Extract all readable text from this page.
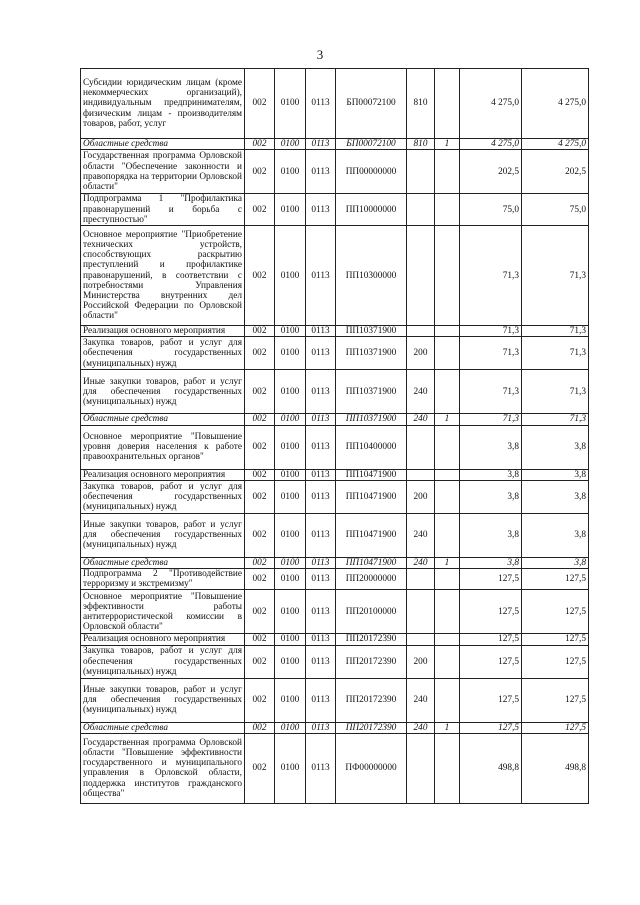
3
Субсидии юридическим лицам (кроме некоммерческих организаций), индивидуальным предпринимателям, физическим лицам - производителям товаров, работ, услуг	002	0100	0113	БП00072100	810		4 275,0	4 275,0
Областные средства	002	0100	0113	БП00072100	810	1	4 275,0	4 275,0
Государственная программа Орловской области "Обеспечение законности и правопорядка на территории Орловской области"	002	0100	0113	ПП00000000			202,5	202,5
Подпрограмма 1 "Профилактика правонарушений и борьба с преступностью"	002	0100	0113	ПП10000000			75,0	75,0
Основное мероприятие "Приобретение технических устройств, способствующих раскрытию преступлений и профилактике правонарушений, в соответствии с потребностями Управления Министерства внутренних дел Российской Федерации по Орловской области"	002	0100	0113	ПП10300000			71,3	71,3
Реализация основного мероприятия	002	0100	0113	ПП10371900			71,3	71,3
Закупка товаров, работ и услуг для обеспечения государственных (муниципальных) нужд	002	0100	0113	ПП10371900	200		71,3	71,3
Иные закупки товаров, работ и услуг для обеспечения государственных (муниципальных) нужд	002	0100	0113	ПП10371900	240		71,3	71,3
Областные средства	002	0100	0113	ПП10371900	240	1	71,3	71,3
Основное мероприятие "Повышение уровня доверия населения к работе правоохранительных органов"	002	0100	0113	ПП10400000			3,8	3,8
Реализация основного мероприятия	002	0100	0113	ПП10471900			3,8	3,8
Закупка товаров, работ и услуг для обеспечения государственных (муниципальных) нужд	002	0100	0113	ПП10471900	200		3,8	3,8
Иные закупки товаров, работ и услуг для обеспечения государственных (муниципальных) нужд	002	0100	0113	ПП10471900	240		3,8	3,8
Областные средства	002	0100	0113	ПП10471900	240	1	3,8	3,8
Подпрограмма 2 "Противодействие терроризму и экстремизму"	002	0100	0113	ПП20000000			127,5	127,5
Основное мероприятие "Повышение эффективности работы антитеррористической комиссии в Орловской области"	002	0100	0113	ПП20100000			127,5	127,5
Реализация основного мероприятия	002	0100	0113	ПП20172390			127,5	127,5
Закупка товаров, работ и услуг для обеспечения государственных (муниципальных) нужд	002	0100	0113	ПП20172390	200		127,5	127,5
Иные закупки товаров, работ и услуг для обеспечения государственных (муниципальных) нужд	002	0100	0113	ПП20172390	240		127,5	127,5
Областные средства	002	0100	0113	ПП20172390	240	1	127,5	127,5
Государственная программа Орловской области "Повышение эффективности государственного и муниципального управления в Орловской области, поддержка институтов гражданского общества"	002	0100	0113	ПФ00000000			498,8	498,8
